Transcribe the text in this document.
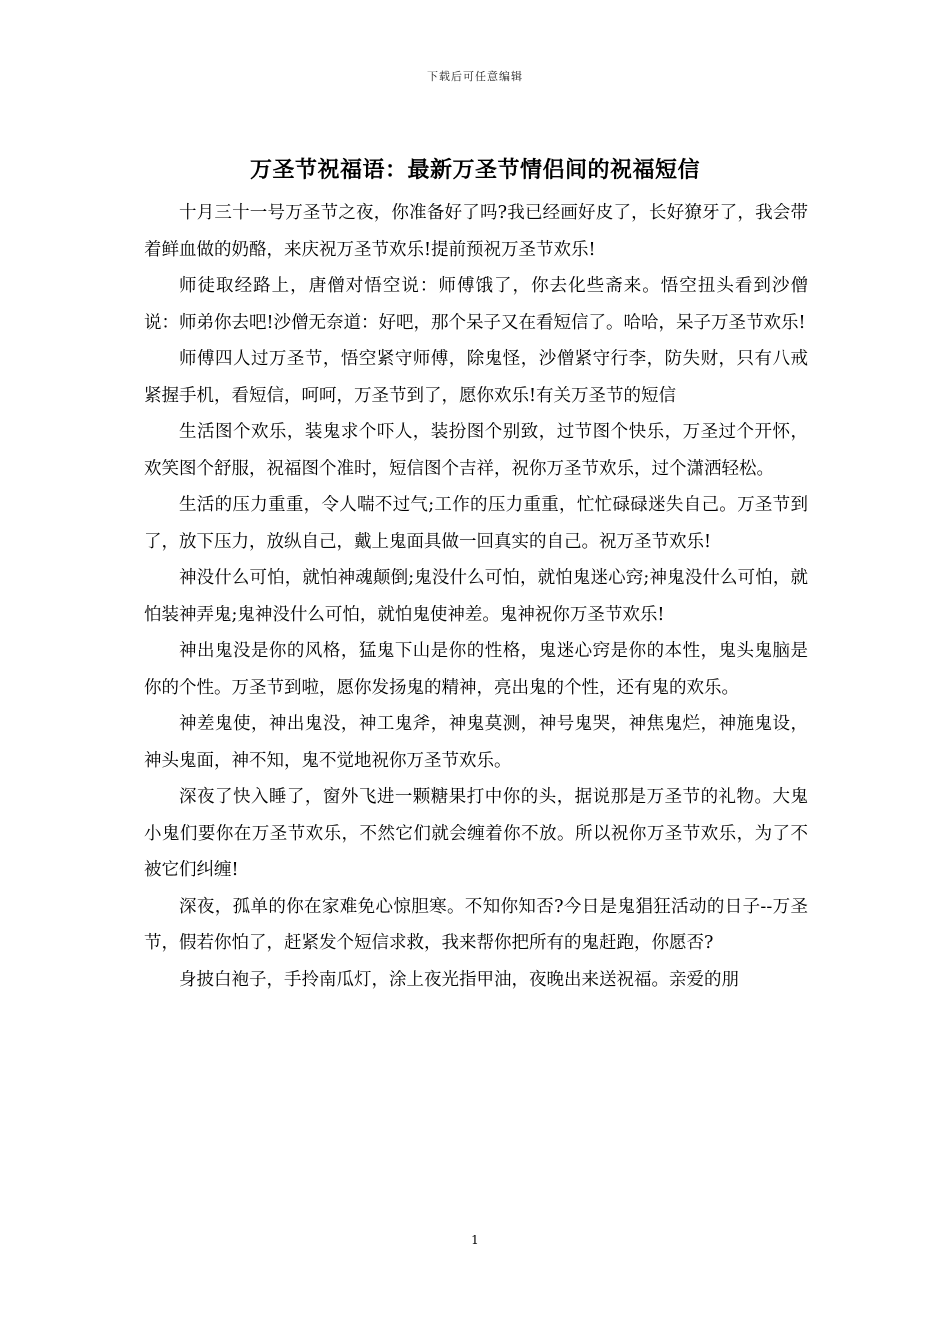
下载后可任意编辑
万圣节祝福语：最新万圣节情侣间的祝福短信

十月三十一号万圣节之夜，你准备好了吗?我已经画好皮了，长好獠牙了，我会带着鲜血做的奶酪，来庆祝万圣节欢乐!提前预祝万圣节欢乐!

师徒取经路上，唐僧对悟空说：师傅饿了，你去化些斋来。悟空扭头看到沙僧说：师弟你去吧!沙僧无奈道：好吧，那个呆子又在看短信了。哈哈，呆子万圣节欢乐!

师傅四人过万圣节，悟空紧守师傅，除鬼怪，沙僧紧守行李，防失财，只有八戒紧握手机，看短信，呵呵，万圣节到了，愿你欢乐!有关万圣节的短信

生活图个欢乐，装鬼求个吓人，装扮图个别致，过节图个快乐，万圣过个开怀，欢笑图个舒服，祝福图个准时，短信图个吉祥，祝你万圣节欢乐，过个潇洒轻松。

生活的压力重重，令人喘不过气;工作的压力重重，忙忙碌碌迷失自己。万圣节到了，放下压力，放纵自己，戴上鬼面具做一回真实的自己。祝万圣节欢乐!

神没什么可怕，就怕神魂颠倒;鬼没什么可怕，就怕鬼迷心窍;神鬼没什么可怕，就怕装神弄鬼;鬼神没什么可怕，就怕鬼使神差。鬼神祝你万圣节欢乐!

神出鬼没是你的风格，猛鬼下山是你的性格，鬼迷心窍是你的本性，鬼头鬼脑是你的个性。万圣节到啦，愿你发扬鬼的精神，亮出鬼的个性，还有鬼的欢乐。

神差鬼使，神出鬼没，神工鬼斧，神鬼莫测，神号鬼哭，神焦鬼烂，神施鬼设，神头鬼面，神不知，鬼不觉地祝你万圣节欢乐。

深夜了快入睡了，窗外飞进一颗糖果打中你的头，据说那是万圣节的礼物。大鬼小鬼们要你在万圣节欢乐，不然它们就会缠着你不放。所以祝你万圣节欢乐，为了不被它们纠缠!

深夜，孤单的你在家难免心惊胆寒。不知你知否?今日是鬼猖狂活动的日子--万圣节，假若你怕了，赶紧发个短信求救，我来帮你把所有的鬼赶跑，你愿否?

身披白袍子，手拎南瓜灯，涂上夜光指甲油，夜晚出来送祝福。亲爱的朋

1
